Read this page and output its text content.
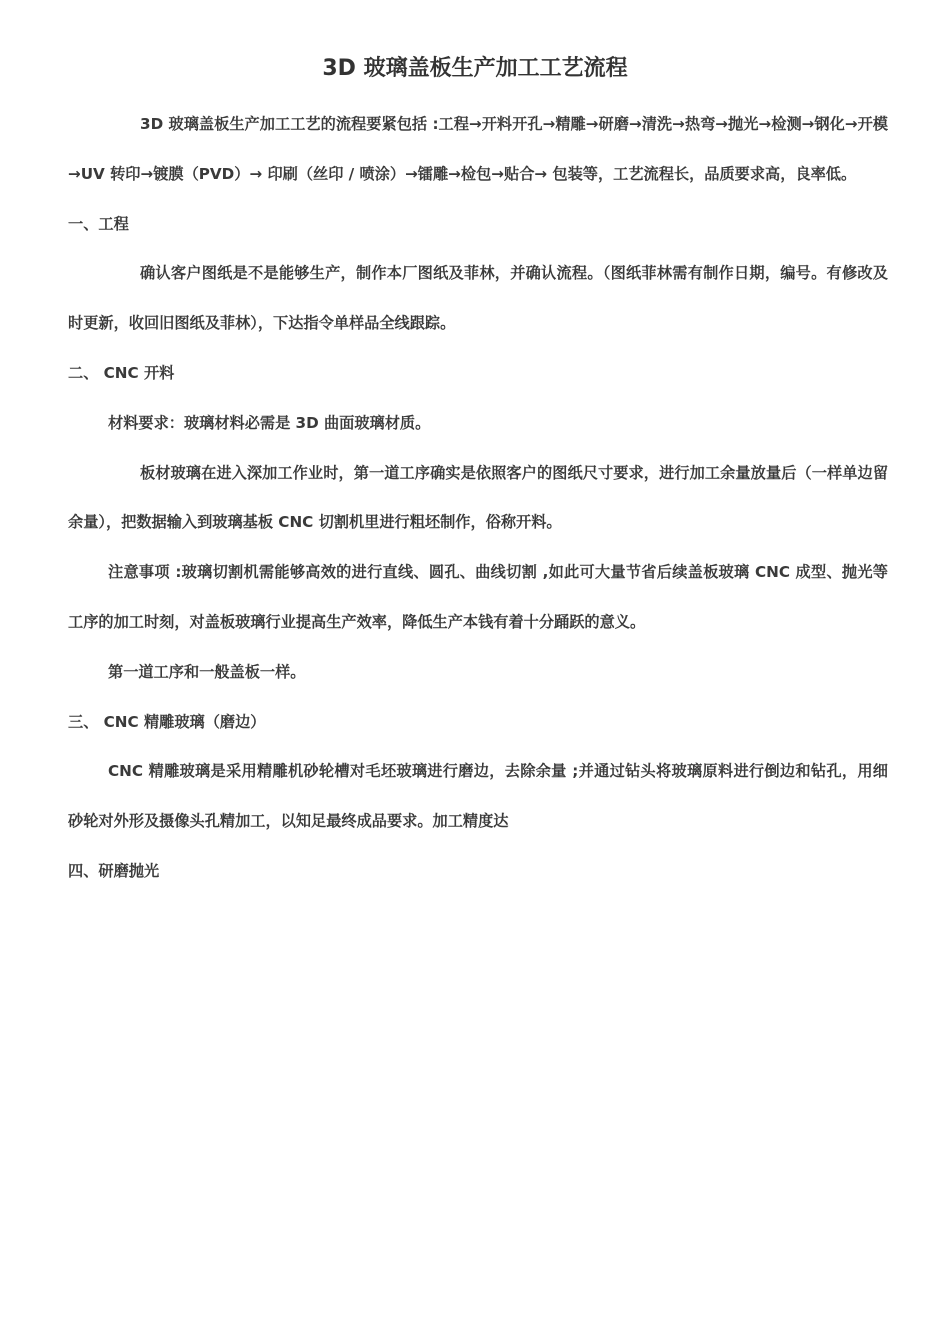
3D 玻璃盖板生产加工工艺流程

3D 玻璃盖板生产加工工艺的流程要紧包括 :工程→开料开孔→精雕→研磨→清洗→热弯→抛光→检测→钢化→开模→UV 转印→镀膜（PVD）→ 印刷（丝印 / 喷涂）→镭雕→检包→贴合→ 包装等，工艺流程长，品质要求高，良率低。

一、工程

确认客户图纸是不是能够生产，制作本厂图纸及菲林，并确认流程。（图纸菲林需有制作日期，编号。有修改及时更新，收回旧图纸及菲林），下达指令单样品全线跟踪。

二、 CNC 开料

材料要求：玻璃材料必需是 3D 曲面玻璃材质。

板材玻璃在进入深加工作业时，第一道工序确实是依照客户的图纸尺寸要求，进行加工余量放量后（一样单边留余量），把数据输入到玻璃基板 CNC 切割机里进行粗坯制作，俗称开料。

注意事项 :玻璃切割机需能够高效的进行直线、圆孔、曲线切割 ,如此可大量节省后续盖板玻璃 CNC 成型、抛光等工序的加工时刻，对盖板玻璃行业提高生产效率，降低生产本钱有着十分踊跃的意义。

第一道工序和一般盖板一样。

三、 CNC 精雕玻璃（磨边）

CNC 精雕玻璃是采用精雕机砂轮槽对毛坯玻璃进行磨边，去除余量 ;并通过钻头将玻璃原料进行倒边和钻孔，用细砂轮对外形及摄像头孔精加工，以知足最终成品要求。加工精度达

四、研磨抛光
